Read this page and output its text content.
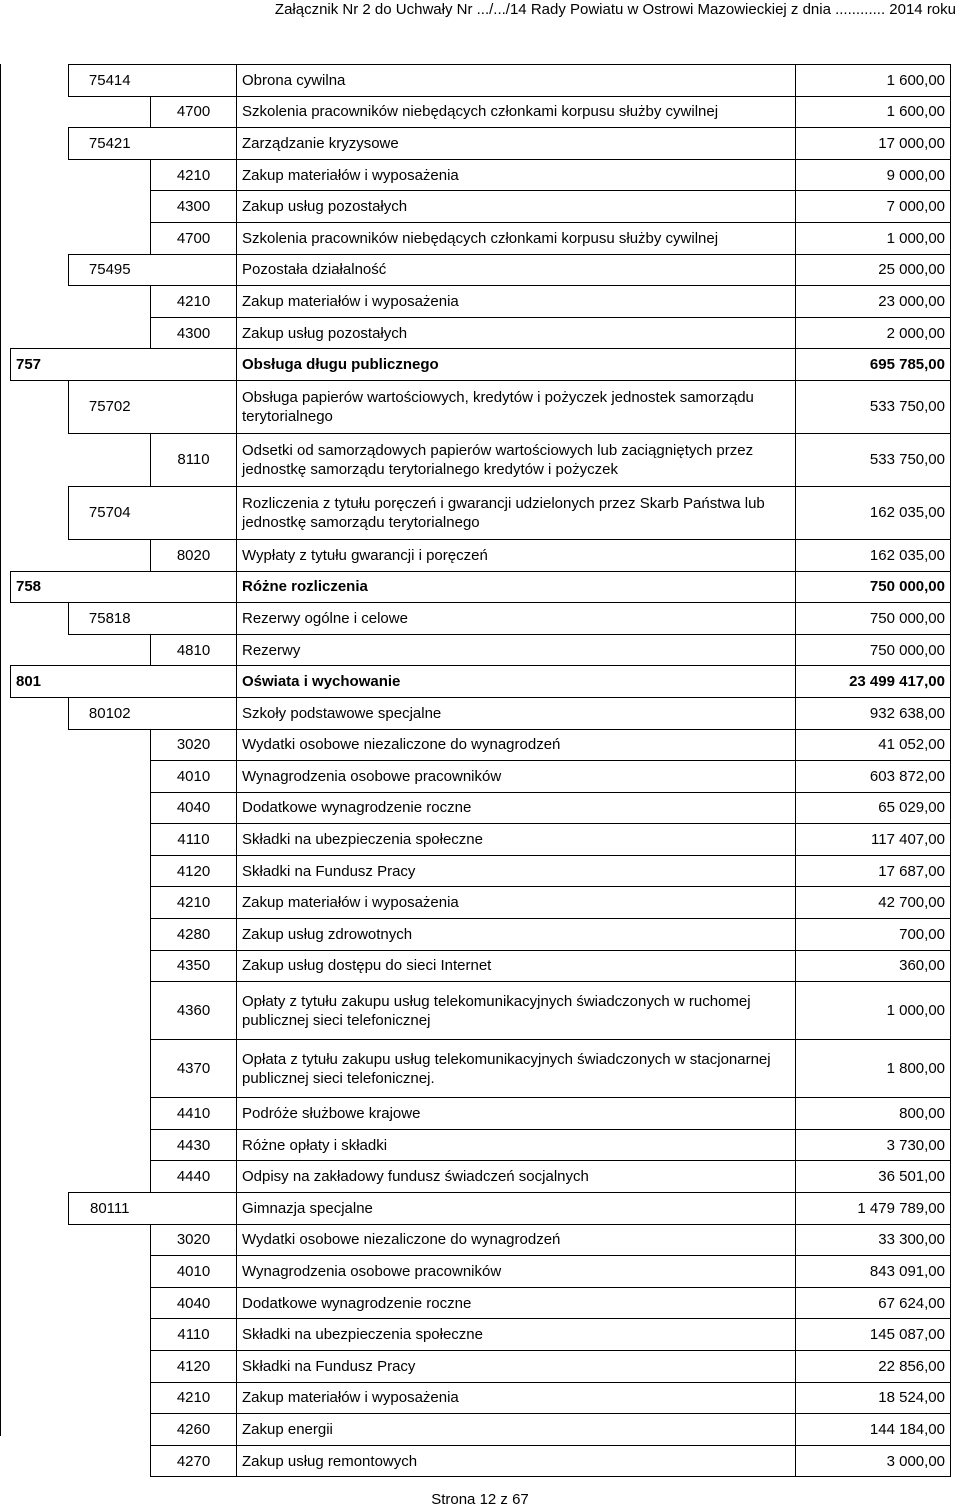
Załącznik Nr 2 do Uchwały Nr .../.../14 Rady Powiatu w Ostrowi Mazowieckiej z dnia ............ 2014 roku
	75414		Obrona cywilna	1 600,00
		4700	Szkolenia pracowników niebędących członkami korpusu służby cywilnej	1 600,00
	75421		Zarządzanie kryzysowe	17 000,00
		4210	Zakup materiałów i wyposażenia	9 000,00
		4300	Zakup usług pozostałych	7 000,00
		4700	Szkolenia pracowników niebędących członkami korpusu służby cywilnej	1 000,00
	75495		Pozostała działalność	25 000,00
		4210	Zakup materiałów i wyposażenia	23 000,00
		4300	Zakup usług pozostałych	2 000,00
757			Obsługa długu publicznego	695 785,00
	75702		Obsługa papierów wartościowych, kredytów i pożyczek jednostek samorządu terytorialnego	533 750,00
		8110	Odsetki od samorządowych papierów wartościowych lub zaciągniętych przez jednostkę samorządu terytorialnego kredytów i pożyczek	533 750,00
	75704		Rozliczenia z tytułu poręczeń i gwarancji udzielonych przez Skarb Państwa lub jednostkę samorządu terytorialnego	162 035,00
		8020	Wypłaty z tytułu gwarancji i poręczeń	162 035,00
758			Różne rozliczenia	750 000,00
	75818		Rezerwy ogólne i celowe	750 000,00
		4810	Rezerwy	750 000,00
801			Oświata i wychowanie	23 499 417,00
	80102		Szkoły podstawowe specjalne	932 638,00
		3020	Wydatki osobowe niezaliczone do wynagrodzeń	41 052,00
		4010	Wynagrodzenia osobowe pracowników	603 872,00
		4040	Dodatkowe wynagrodzenie roczne	65 029,00
		4110	Składki na ubezpieczenia społeczne	117 407,00
		4120	Składki na Fundusz Pracy	17 687,00
		4210	Zakup materiałów i wyposażenia	42 700,00
		4280	Zakup usług zdrowotnych	700,00
		4350	Zakup usług dostępu do sieci Internet	360,00
		4360	Opłaty z tytułu zakupu usług telekomunikacyjnych świadczonych w ruchomej publicznej sieci telefonicznej	1 000,00
		4370	Opłata z tytułu zakupu usług telekomunikacyjnych świadczonych w stacjonarnej publicznej sieci telefonicznej.	1 800,00
		4410	Podróże służbowe krajowe	800,00
		4430	Różne opłaty i składki	3 730,00
		4440	Odpisy na zakładowy fundusz świadczeń socjalnych	36 501,00
	80111		Gimnazja specjalne	1 479 789,00
		3020	Wydatki osobowe niezaliczone do wynagrodzeń	33 300,00
		4010	Wynagrodzenia osobowe pracowników	843 091,00
		4040	Dodatkowe wynagrodzenie roczne	67 624,00
		4110	Składki na ubezpieczenia społeczne	145 087,00
		4120	Składki na Fundusz Pracy	22 856,00
		4210	Zakup materiałów i wyposażenia	18 524,00
		4260	Zakup energii	144 184,00
		4270	Zakup usług remontowych	3 000,00
Strona 12 z 67
